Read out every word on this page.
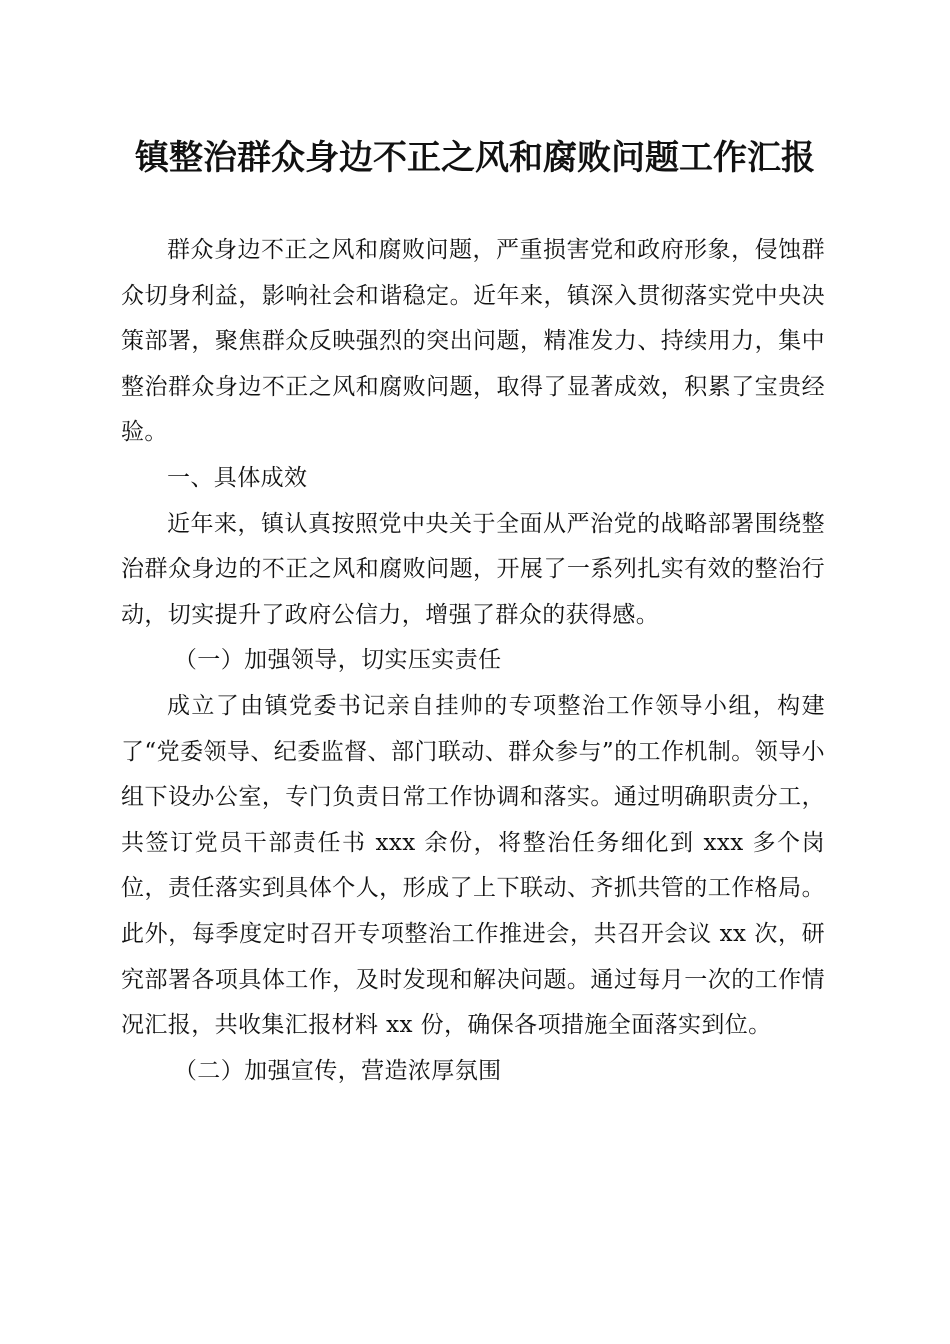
镇整治群众身边不正之风和腐败问题工作汇报

群众身边不正之风和腐败问题，严重损害党和政府形象，侵蚀群众切身利益，影响社会和谐稳定。近年来，镇深入贯彻落实党中央决策部署，聚焦群众反映强烈的突出问题，精准发力、持续用力，集中整治群众身边不正之风和腐败问题，取得了显著成效，积累了宝贵经验。

一、具体成效

近年来，镇认真按照党中央关于全面从严治党的战略部署围绕整治群众身边的不正之风和腐败问题，开展了一系列扎实有效的整治行动，切实提升了政府公信力，增强了群众的获得感。

（一）加强领导，切实压实责任

成立了由镇党委书记亲自挂帅的专项整治工作领导小组，构建了“党委领导、纪委监督、部门联动、群众参与”的工作机制。领导小组下设办公室，专门负责日常工作协调和落实。通过明确职责分工，共签订党员干部责任书 xxx 余份，将整治任务细化到 xxx 多个岗位，责任落实到具体个人，形成了上下联动、齐抓共管的工作格局。此外，每季度定时召开专项整治工作推进会，共召开会议 xx 次，研究部署各项具体工作，及时发现和解决问题。通过每月一次的工作情况汇报，共收集汇报材料 xx 份，确保各项措施全面落实到位。

（二）加强宣传，营造浓厚氛围
